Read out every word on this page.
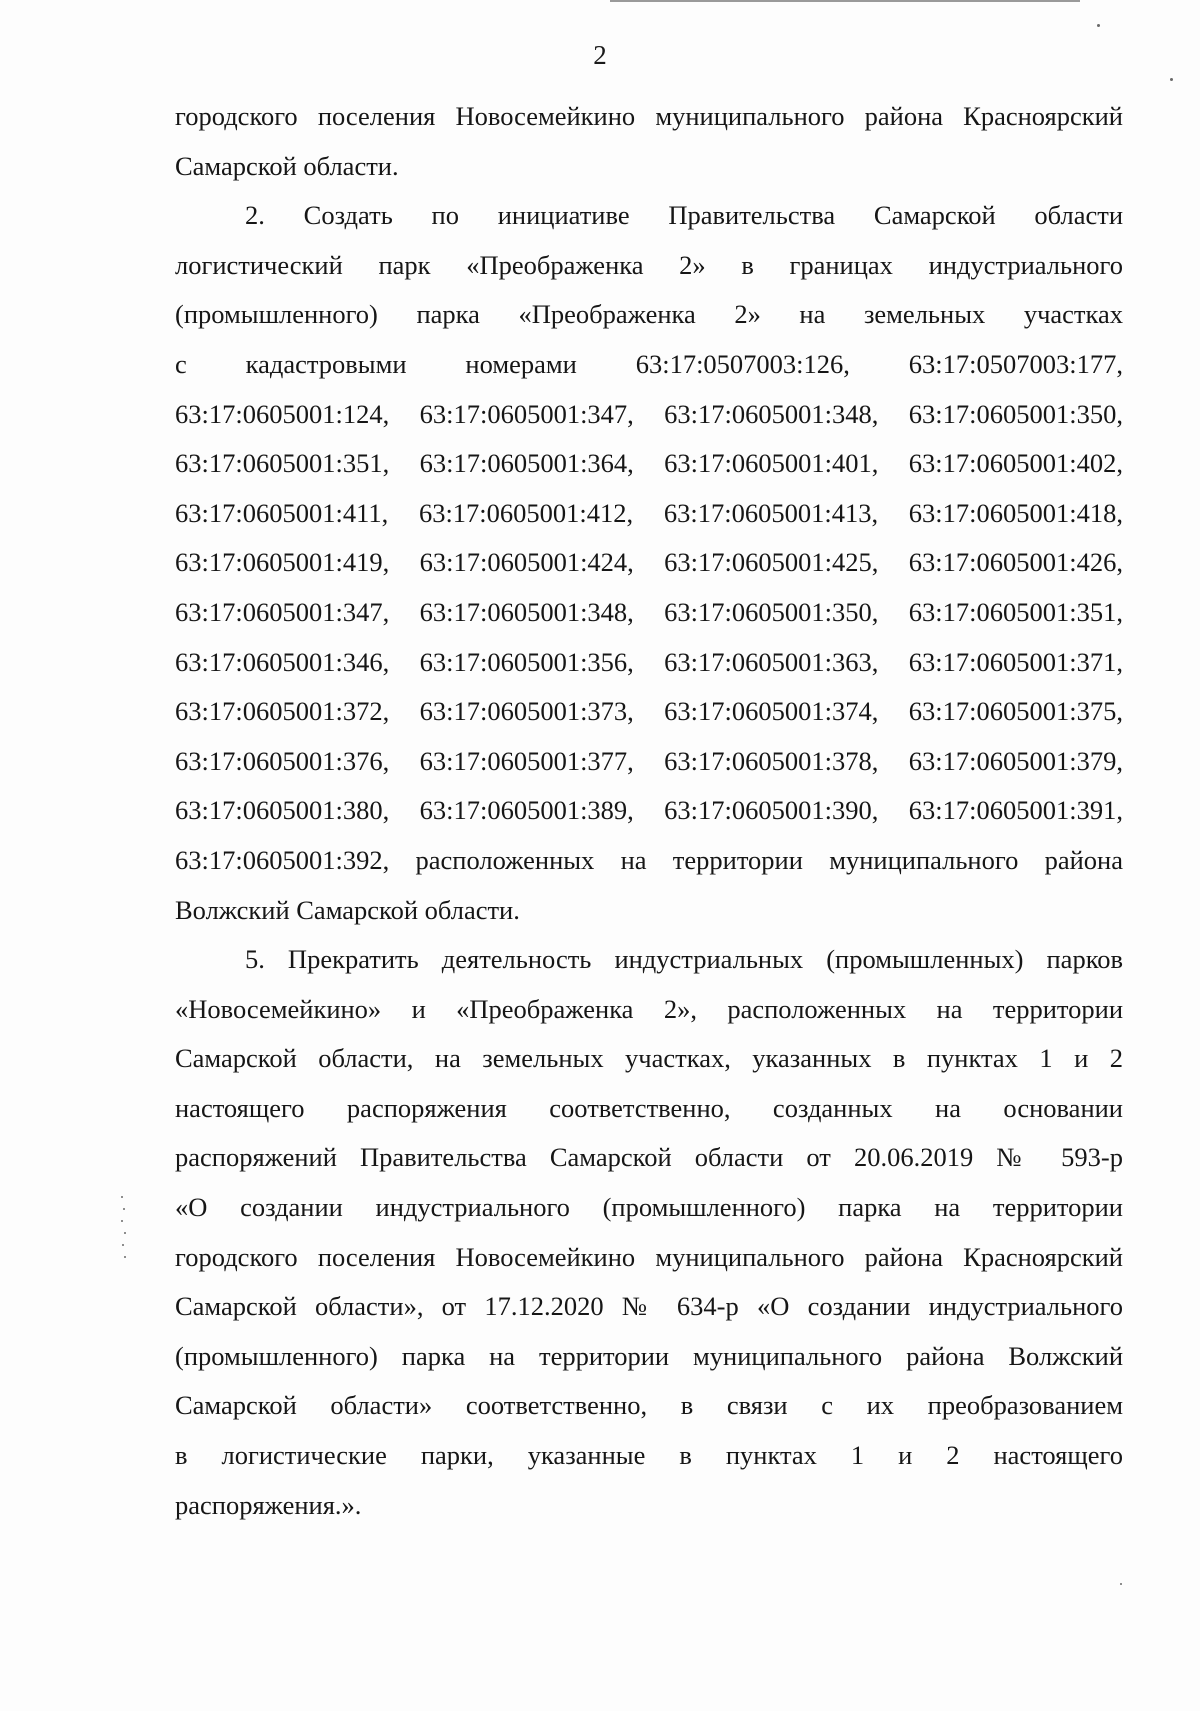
2
городского поселения Новосемейкино муниципального района Красноярский
Самарской области.
2. Создать по инициативе Правительства Самарской области
логистический парк «Преображенка 2» в границах индустриального
(промышленного) парка «Преображенка 2» на земельных участках
с кадастровыми номерами 63:17:0507003:126, 63:17:0507003:177,
63:17:0605001:124, 63:17:0605001:347, 63:17:0605001:348, 63:17:0605001:350,
63:17:0605001:351, 63:17:0605001:364, 63:17:0605001:401, 63:17:0605001:402,
63:17:0605001:411, 63:17:0605001:412, 63:17:0605001:413, 63:17:0605001:418,
63:17:0605001:419, 63:17:0605001:424, 63:17:0605001:425, 63:17:0605001:426,
63:17:0605001:347, 63:17:0605001:348, 63:17:0605001:350, 63:17:0605001:351,
63:17:0605001:346, 63:17:0605001:356, 63:17:0605001:363, 63:17:0605001:371,
63:17:0605001:372, 63:17:0605001:373, 63:17:0605001:374, 63:17:0605001:375,
63:17:0605001:376, 63:17:0605001:377, 63:17:0605001:378, 63:17:0605001:379,
63:17:0605001:380, 63:17:0605001:389, 63:17:0605001:390, 63:17:0605001:391,
63:17:0605001:392, расположенных на территории муниципального района
Волжский Самарской области.
5. Прекратить деятельность индустриальных (промышленных) парков
«Новосемейкино» и «Преображенка 2», расположенных на территории
Самарской области, на земельных участках, указанных в пунктах 1 и 2
настоящего распоряжения соответственно, созданных на основании
распоряжений Правительства Самарской области от 20.06.2019 № 593-р
«О создании индустриального (промышленного) парка на территории
городского поселения Новосемейкино муниципального района Красноярский
Самарской области», от 17.12.2020 № 634-р «О создании индустриального
(промышленного) парка на территории муниципального района Волжский
Самарской области» соответственно, в связи с их преобразованием
в логистические парки, указанные в пунктах 1 и 2 настоящего
распоряжения.».
